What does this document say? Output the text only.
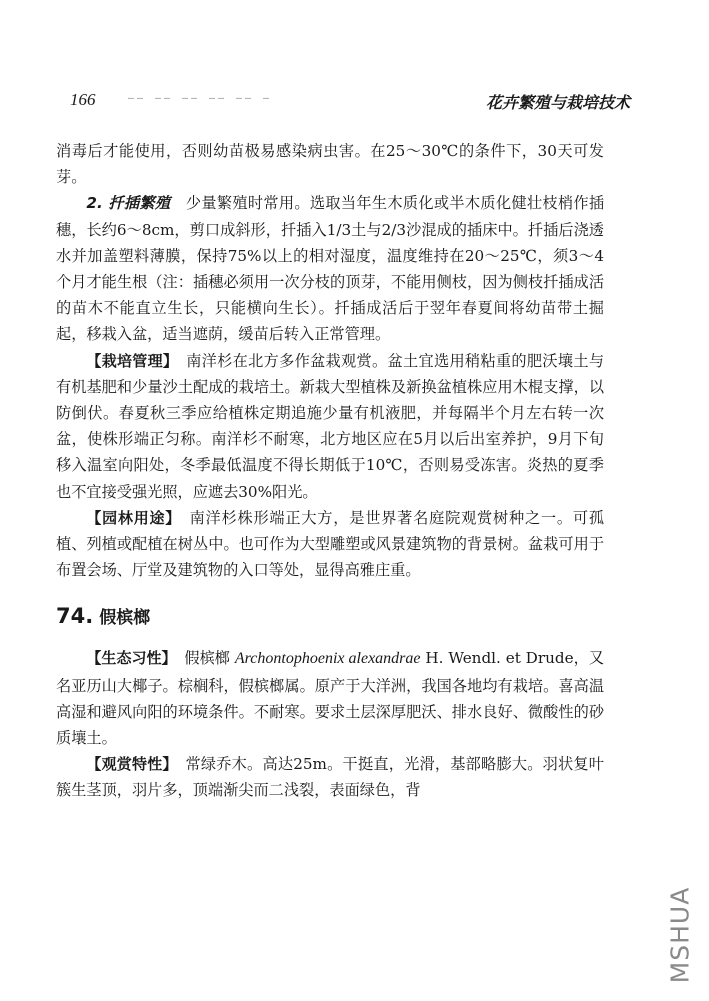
166	…… …… …… …… …… …	花卉繁殖与栽培技术

消毒后才能使用，否则幼苗极易感染病虫害。在25～30℃的条件下，30天可发芽。

2. 扦插繁殖　 少量繁殖时常用。选取当年生木质化或半木质化健壮枝梢作插穗，长约6～8cm，剪口成斜形，扦插入1/3土与2/3沙混成的插床中。扦插后浇透水并加盖塑料薄膜，保持75%以上的相对湿度，温度维持在20～25℃，须3～4个月才能生根（注：插穗必须用一次分枝的顶芽，不能用侧枝，因为侧枝扦插成活的苗木不能直立生长，只能横向生长）。扦插成活后于翌年春夏间将幼苗带土掘起，移栽入盆，适当遮荫，缓苗后转入正常管理。

【栽培管理】　 南洋杉在北方多作盆栽观赏。盆土宜选用稍粘重的肥沃壤土与有机基肥和少量沙土配成的栽培土。新栽大型植株及新换盆植株应用木棍支撑，以防倒伏。春夏秋三季应给植株定期追施少量有机液肥，并每隔半个月左右转一次盆，使株形端正匀称。南洋杉不耐寒，北方地区应在5月以后出室养护，9月下旬移入温室向阳处，冬季最低温度不得长期低于10℃，否则易受冻害。炎热的夏季也不宜接受强光照，应遮去30%阳光。

【园林用途】　 南洋杉株形端正大方，是世界著名庭院观赏树种之一。可孤植、列植或配植在树丛中。也可作为大型雕塑或风景建筑物的背景树。盆栽可用于布置会场、厅堂及建筑物的入口等处，显得高雅庄重。

74. 假槟榔

【生态习性】　 假槟榔 Archontophoenix alexandrae H. Wendl. et Drude，又名亚历山大椰子。棕榈科，假槟榔属。原产于大洋洲，我国各地均有栽培。喜高温高湿和避风向阳的环境条件。不耐寒。要求土层深厚肥沃、排水良好、微酸性的砂质壤土。

【观赏特性】　 常绿乔木。高达25m。干挺直，光滑，基部略膨大。羽状复叶簇生茎顶，羽片多，顶端渐尖而二浅裂，表面绿色，背

MSHUA
